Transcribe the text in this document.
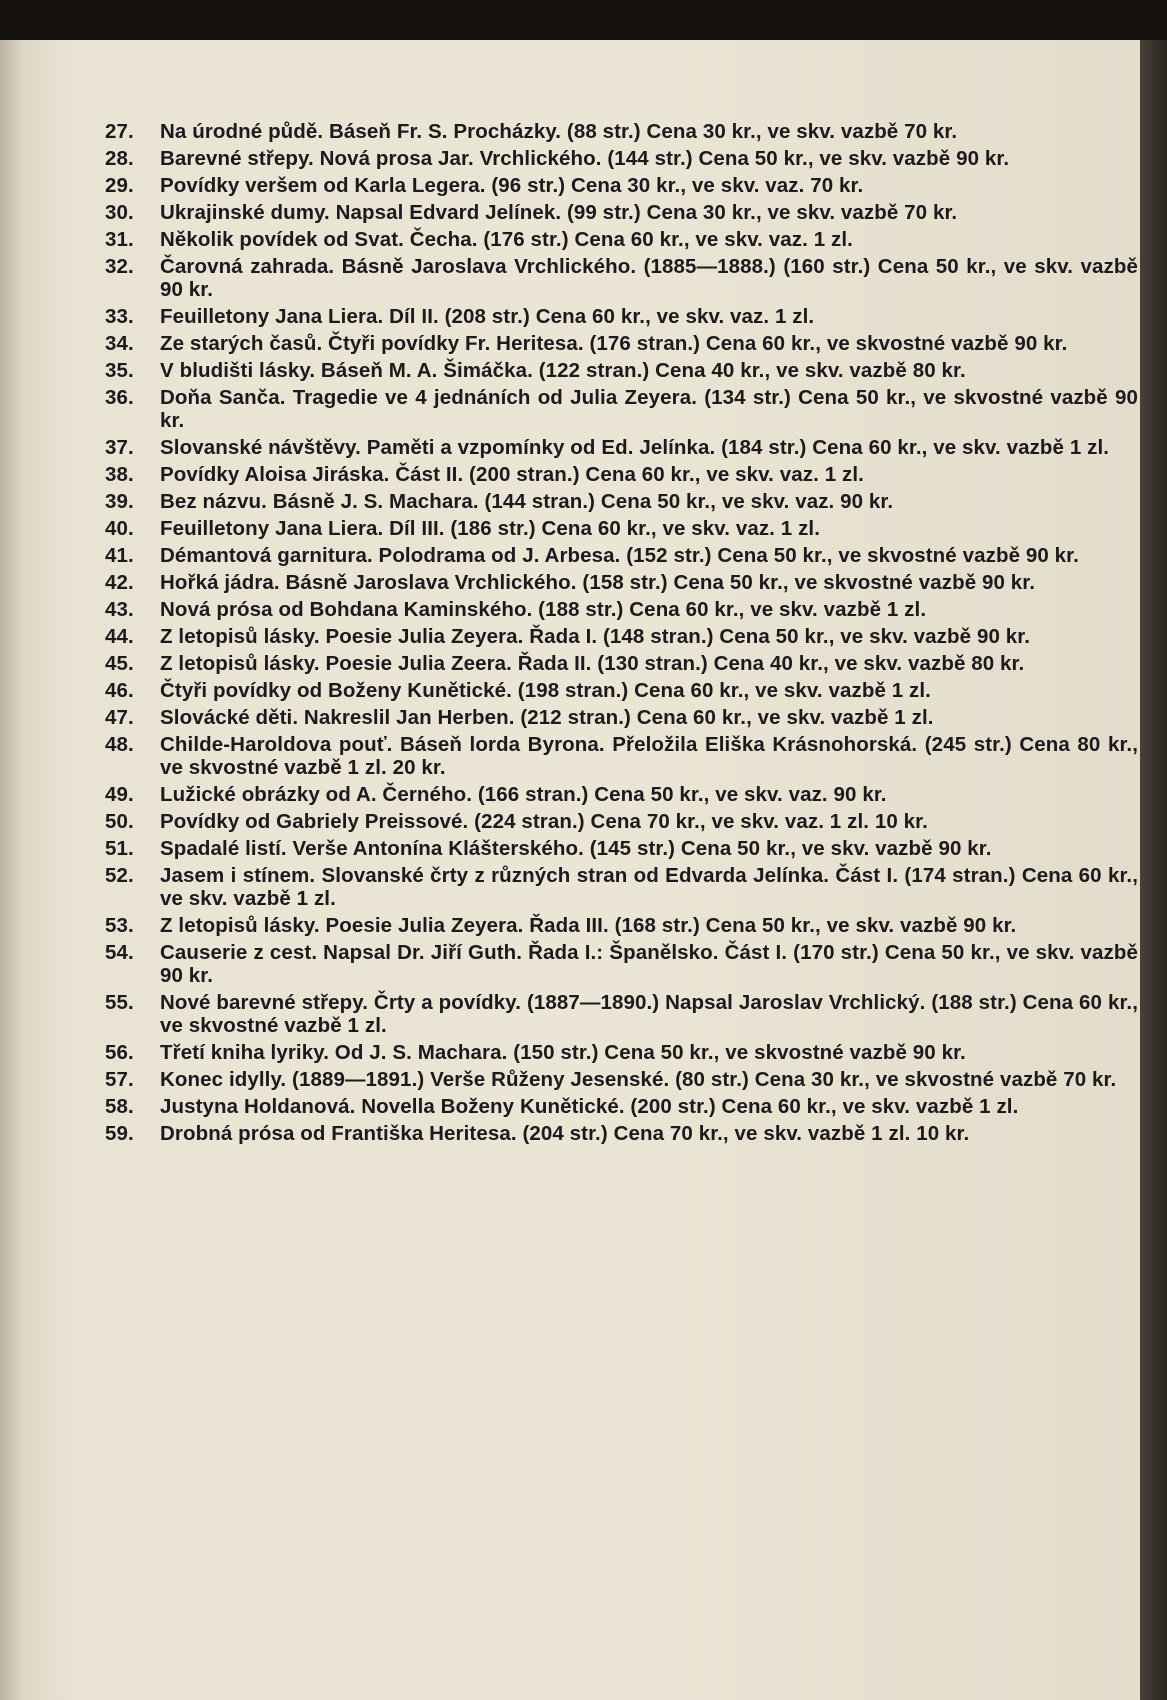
27.	Na úrodné půdě. Báseň Fr. S. Procházky. (88 str.) Cena 30 kr., ve skv. vazbě 70 kr.
28.	Barevné střepy. Nová prosa Jar. Vrchlického. (144 str.) Cena 50 kr., ve skv. vazbě 90 kr.
29.	Povídky veršem od Karla Legera. (96 str.) Cena 30 kr., ve skv. vaz. 70 kr.
30.	Ukrajinské dumy. Napsal Edvard Jelínek. (99 str.) Cena 30 kr., ve skv. vazbě 70 kr.
31.	Několik povídek od Svat. Čecha. (176 str.) Cena 60 kr., ve skv. vaz. 1 zl.
32.	Čarovná zahrada. Básně Jaroslava Vrchlického. (1885—1888.) (160 str.) Cena 50 kr., ve skv. vazbě 90 kr.
33.	Feuilletony Jana Liera. Díl II. (208 str.) Cena 60 kr., ve skv. vaz. 1 zl.
34.	Ze starých časů. Čtyři povídky Fr. Heritesa. (176 stran.) Cena 60 kr., ve skvostné vazbě 90 kr.
35.	V bludišti lásky. Báseň M. A. Šimáčka. (122 stran.) Cena 40 kr., ve skv. vazbě 80 kr.
36.	Doňa Sanča. Tragedie ve 4 jednáních od Julia Zeyera. (134 str.) Cena 50 kr., ve skvostné vazbě 90 kr.
37.	Slovanské návštěvy. Paměti a vzpomínky od Ed. Jelínka. (184 str.) Cena 60 kr., ve skv. vazbě 1 zl.
38.	Povídky Aloisa Jiráska. Část II. (200 stran.) Cena 60 kr., ve skv. vaz. 1 zl.
39.	Bez názvu. Básně J. S. Machara. (144 stran.) Cena 50 kr., ve skv. vaz. 90 kr.
40.	Feuilletony Jana Liera. Díl III. (186 str.) Cena 60 kr., ve skv. vaz. 1 zl.
41.	Démantová garnitura. Polodrama od J. Arbesa. (152 str.) Cena 50 kr., ve skvostné vazbě 90 kr.
42.	Hořká jádra. Básně Jaroslava Vrchlického. (158 str.) Cena 50 kr., ve skvostné vazbě 90 kr.
43.	Nová prósa od Bohdana Kaminského. (188 str.) Cena 60 kr., ve skv. vazbě 1 zl.
44.	Z letopisů lásky. Poesie Julia Zeyera. Řada I. (148 stran.) Cena 50 kr., ve skv. vazbě 90 kr.
45.	Z letopisů lásky. Poesie Julia Zeera. Řada II. (130 stran.) Cena 40 kr., ve skv. vazbě 80 kr.
46.	Čtyři povídky od Boženy Kunětické. (198 stran.) Cena 60 kr., ve skv. vazbě 1 zl.
47.	Slovácké děti. Nakreslil Jan Herben. (212 stran.) Cena 60 kr., ve skv. vazbě 1 zl.
48.	Childe-Haroldova pouť. Báseň lorda Byrona. Přeložila Eliška Krásnohorská. (245 str.) Cena 80 kr., ve skvostné vazbě 1 zl. 20 kr.
49.	Lužické obrázky od A. Černého. (166 stran.) Cena 50 kr., ve skv. vaz. 90 kr.
50.	Povídky od Gabriely Preissové. (224 stran.) Cena 70 kr., ve skv. vaz. 1 zl. 10 kr.
51.	Spadalé listí. Verše Antonína Klášterského. (145 str.) Cena 50 kr., ve skv. vazbě 90 kr.
52.	Jasem i stínem. Slovanské črty z různých stran od Edvarda Jelínka. Část I. (174 stran.) Cena 60 kr., ve skv. vazbě 1 zl.
53.	Z letopisů lásky. Poesie Julia Zeyera. Řada III. (168 str.) Cena 50 kr., ve skv. vazbě 90 kr.
54.	Causerie z cest. Napsal Dr. Jiří Guth. Řada I.: Španělsko. Část I. (170 str.) Cena 50 kr., ve skv. vazbě 90 kr.
55.	Nové barevné střepy. Črty a povídky. (1887—1890.) Napsal Jaroslav Vrchlický. (188 str.) Cena 60 kr., ve skvostné vazbě 1 zl.
56.	Třetí kniha lyriky. Od J. S. Machara. (150 str.) Cena 50 kr., ve skvostné vazbě 90 kr.
57.	Konec idylly. (1889—1891.) Verše Růženy Jesenské. (80 str.) Cena 30 kr., ve skvostné vazbě 70 kr.
58.	Justyna Holdanová. Novella Boženy Kunětické. (200 str.) Cena 60 kr., ve skv. vazbě 1 zl.
59.	Drobná prósa od Františka Heritesa. (204 str.) Cena 70 kr., ve skv. vazbě 1 zl. 10 kr.
